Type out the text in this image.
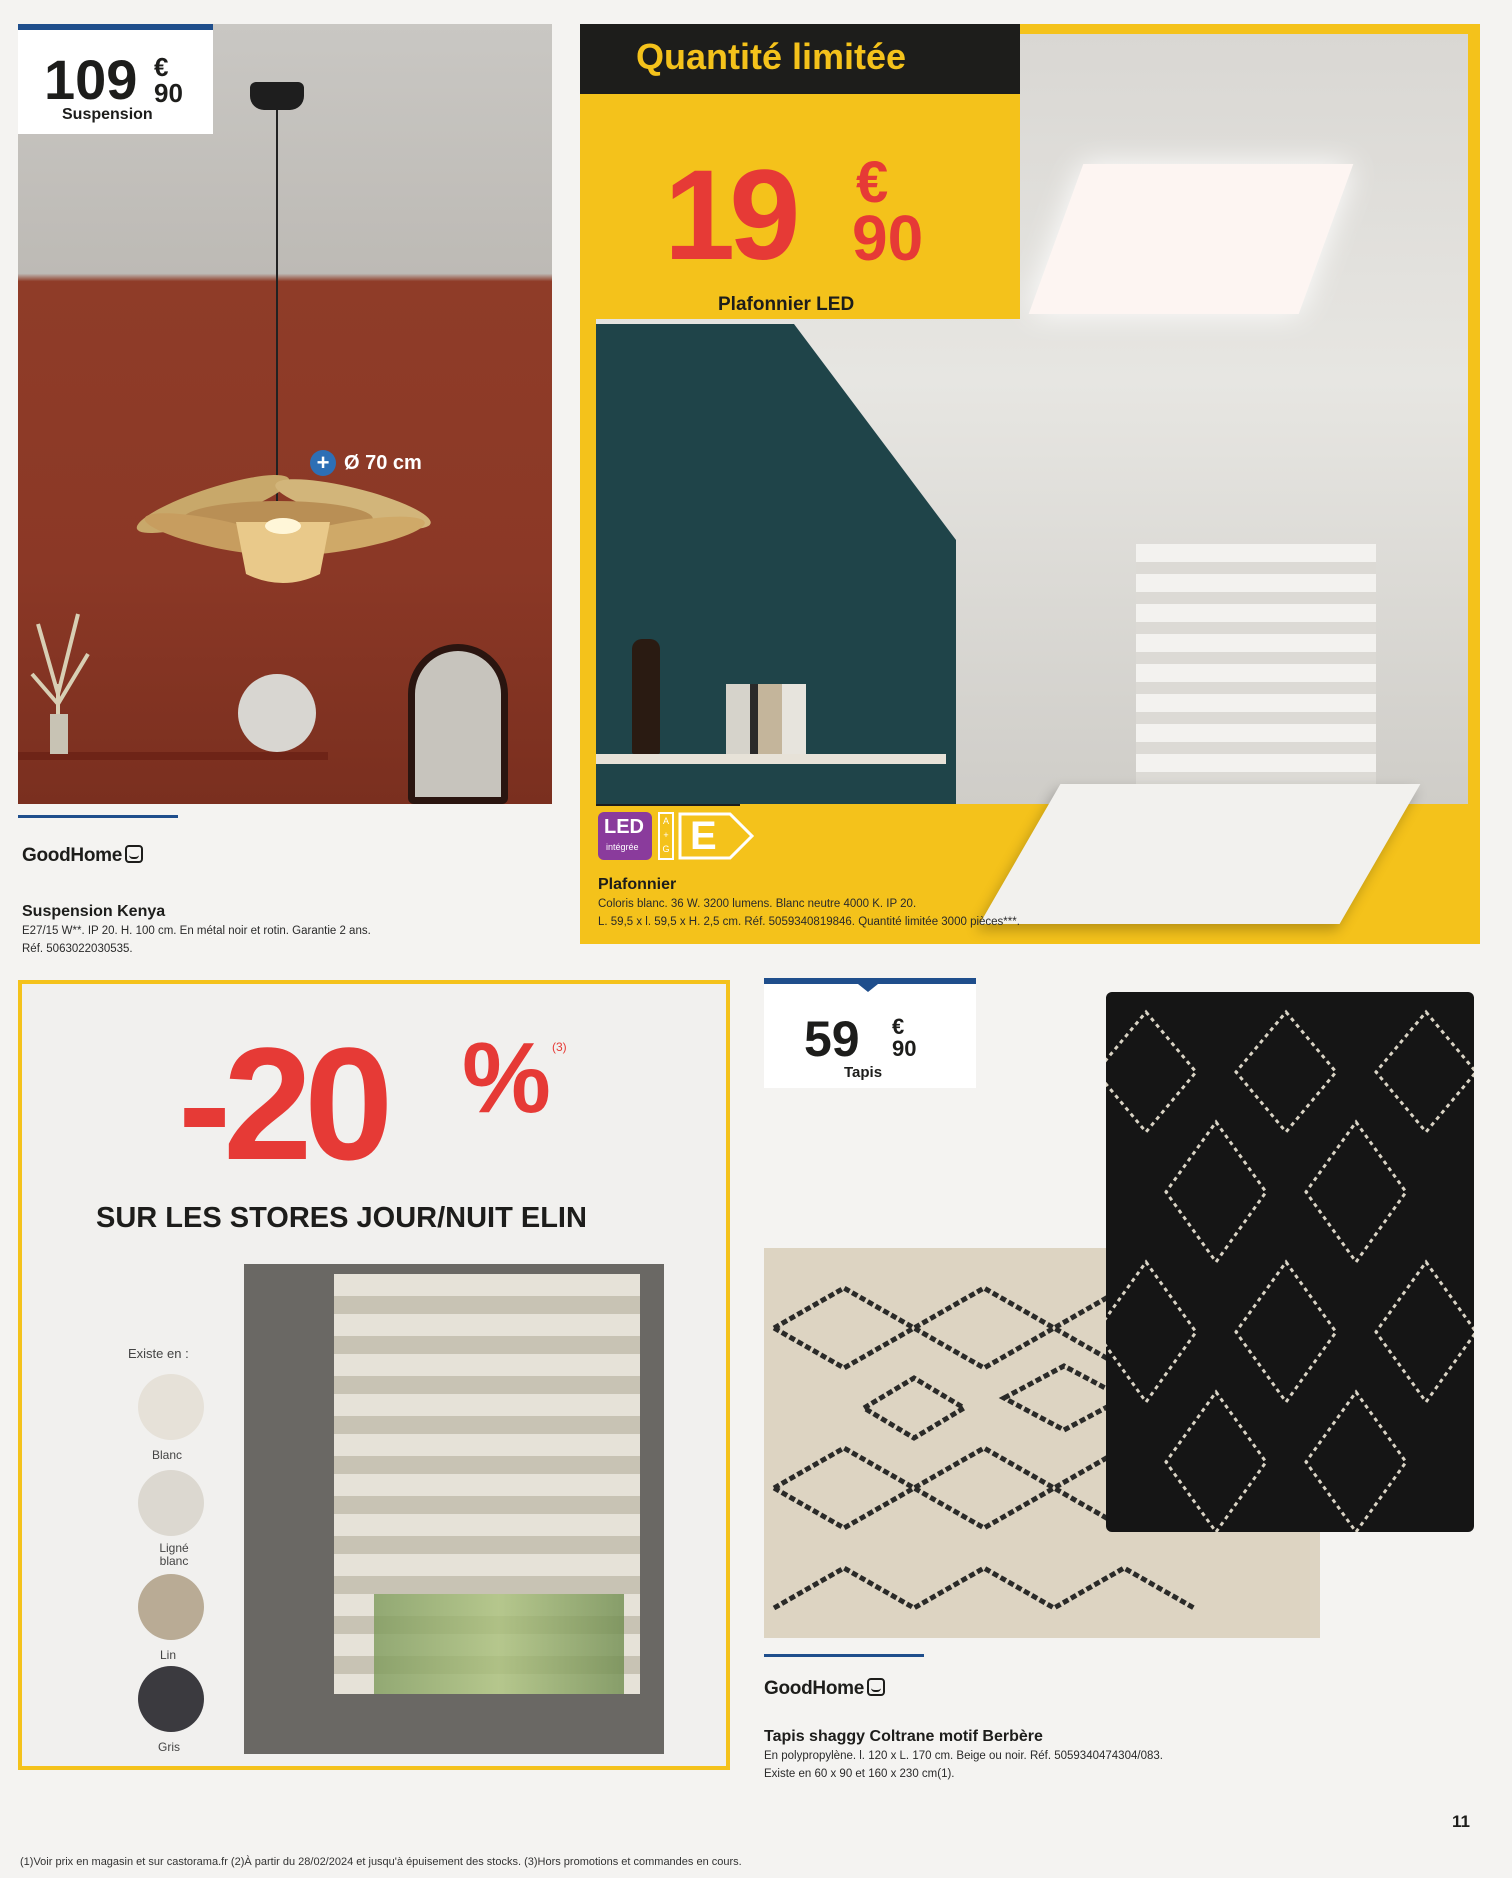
109 €
90
Suspension
+ Ø 70 cm
GoodHome
Suspension Kenya
E27/15 W**. IP 20. H. 100 cm. En métal noir et rotin. Garantie 2 ans.
Réf. 5063022030535.
Quantité limitée
19 €
90
Plafonnier LED
LED
intégrée
A
+
G E
Plafonnier
Coloris blanc. 36 W. 3200 lumens. Blanc neutre 4000 K. IP 20.
L. 59,5 x l. 59,5 x H. 2,5 cm. Réf. 5059340819846. Quantité limitée 3000 pièces***.
-20 % (3)
SUR LES STORES JOUR/NUIT ELIN
Existe en :
Blanc
Ligné blanc
Lin
Gris
59 €
90
Tapis
GoodHome
Tapis shaggy Coltrane motif Berbère
En polypropylène. l. 120 x L. 170 cm. Beige ou noir. Réf. 5059340474304/083.
Existe en 60 x 90 et 160 x 230 cm(1).
(1)Voir prix en magasin et sur castorama.fr (2)À partir du 28/02/2024 et jusqu'à épuisement des stocks. (3)Hors promotions et commandes en cours.
11
